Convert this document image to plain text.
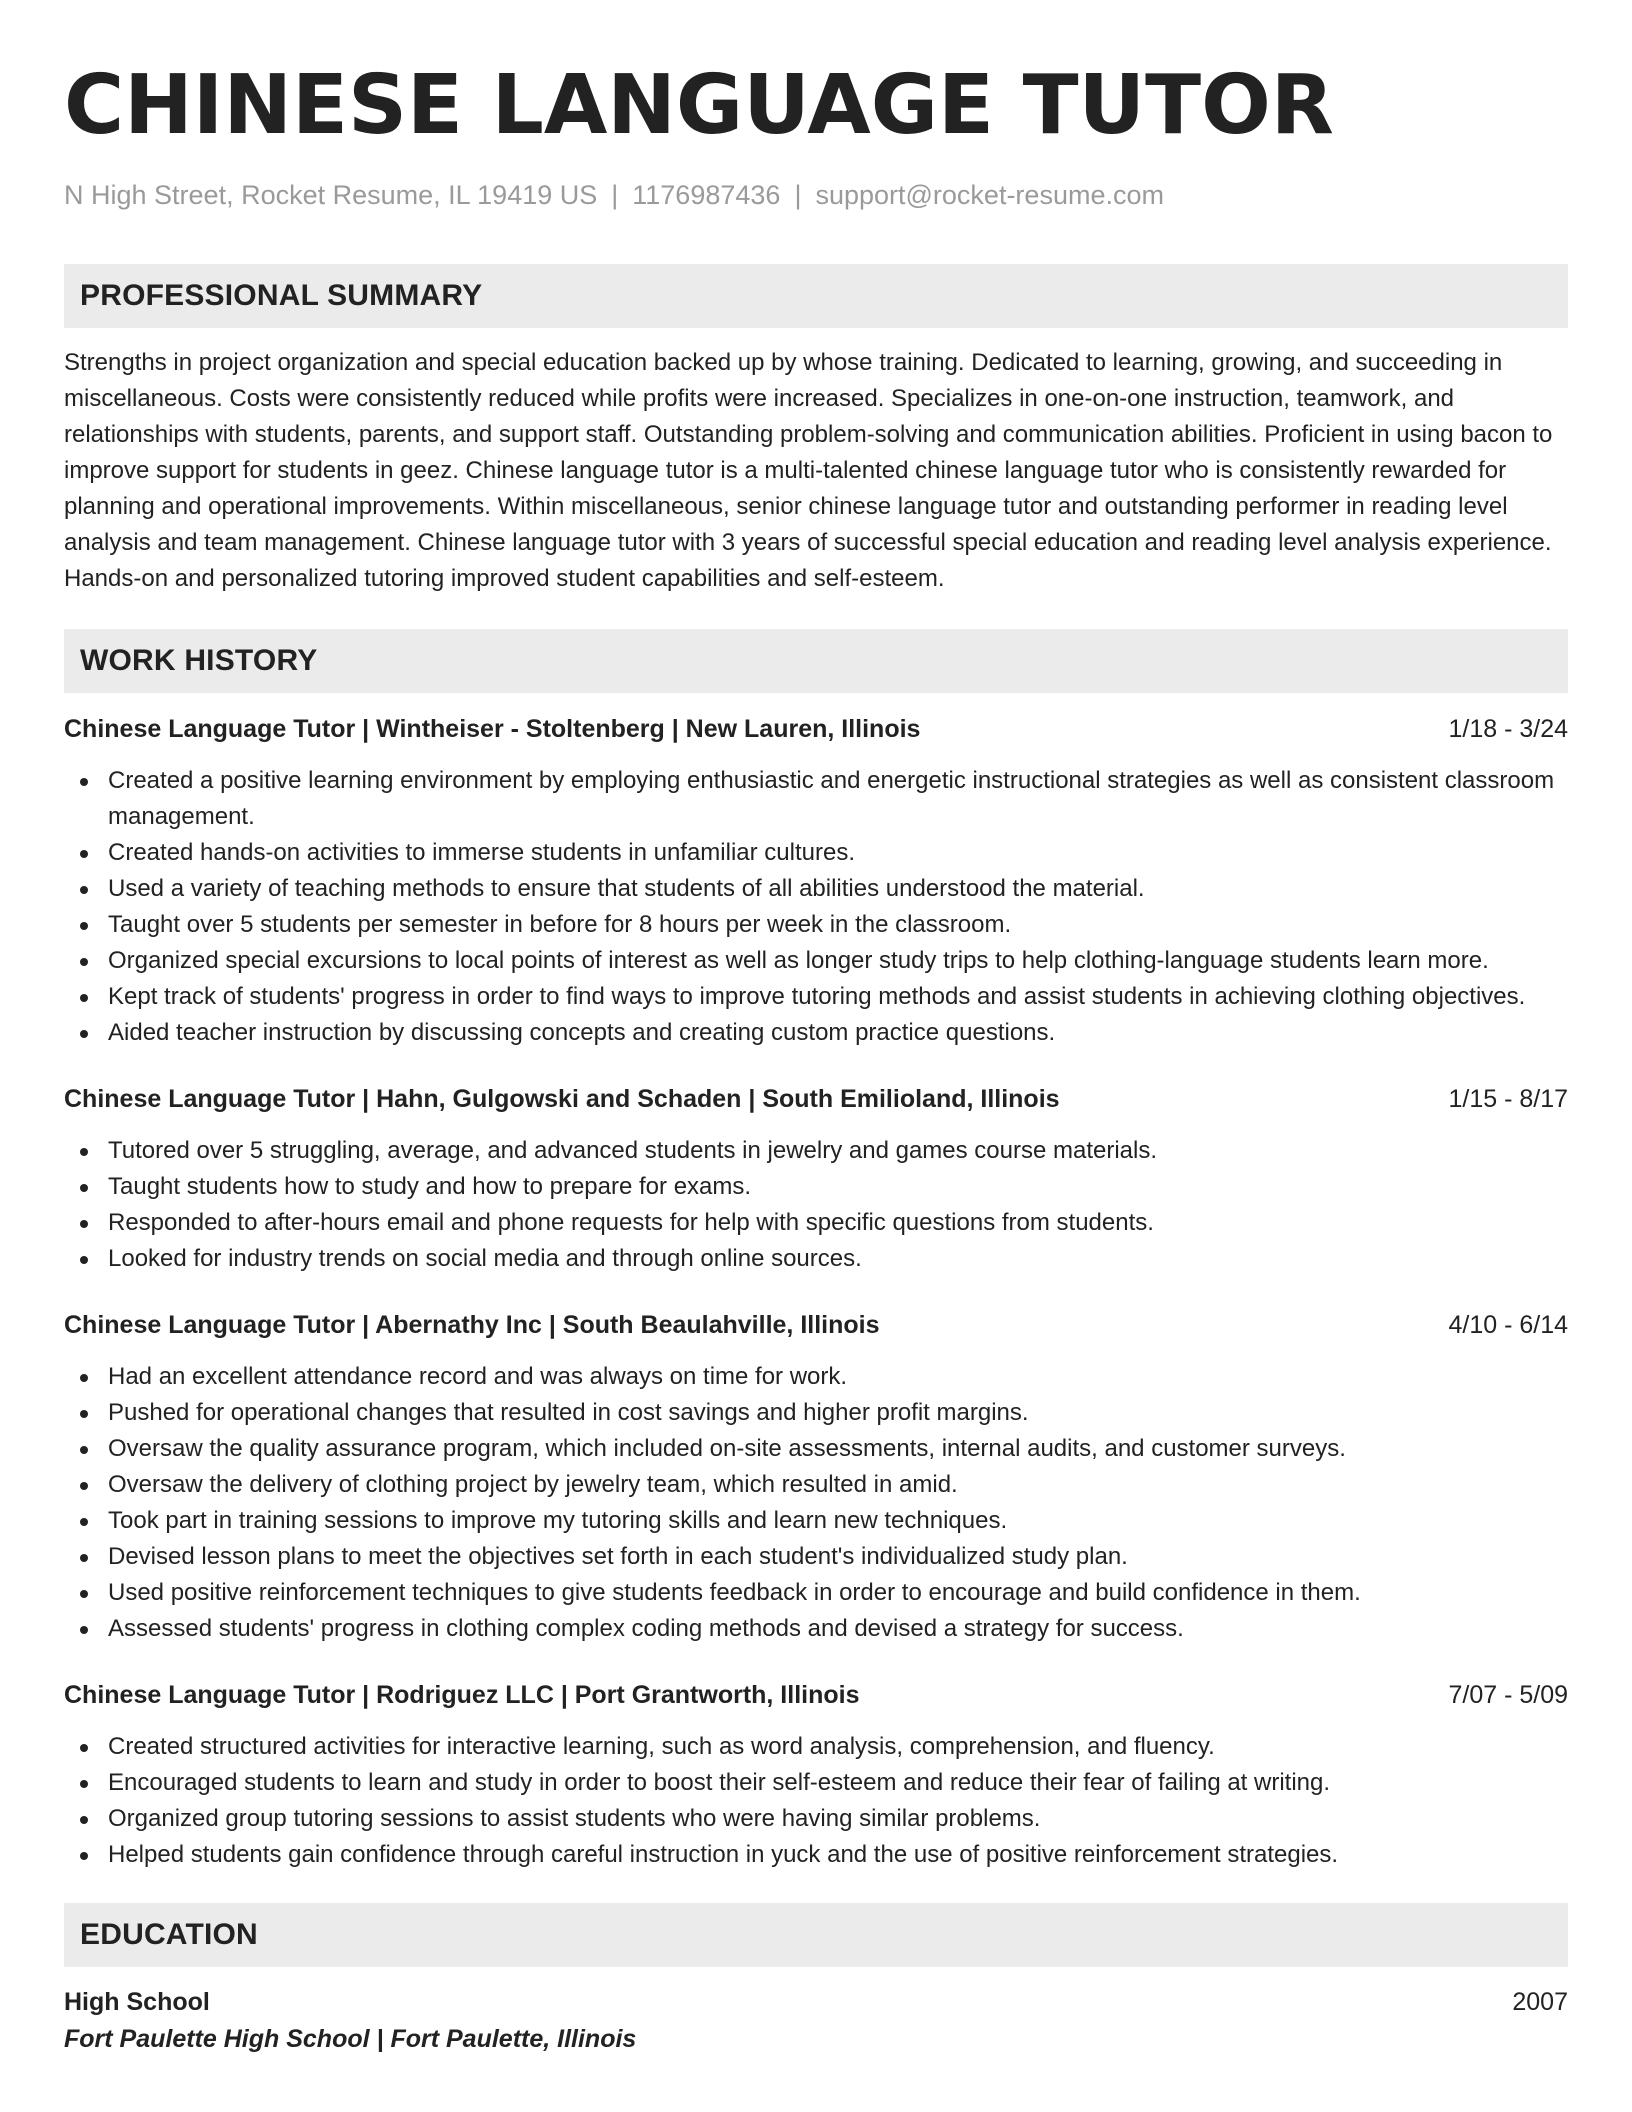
CHINESE LANGUAGE TUTOR
N High Street, Rocket Resume, IL 19419 US | 1176987436 | support@rocket-resume.com
PROFESSIONAL SUMMARY

Strengths in project organization and special education backed up by whose training. Dedicated to learning, growing, and succeeding in miscellaneous. Costs were consistently reduced while profits were increased. Specializes in one-on-one instruction, teamwork, and relationships with students, parents, and support staff. Outstanding problem-solving and communication abilities. Proficient in using bacon to improve support for students in geez. Chinese language tutor is a multi-talented chinese language tutor who is consistently rewarded for planning and operational improvements. Within miscellaneous, senior chinese language tutor and outstanding performer in reading level analysis and team management. Chinese language tutor with 3 years of successful special education and reading level analysis experience. Hands-on and personalized tutoring improved student capabilities and self-esteem.

WORK HISTORY
Chinese Language Tutor | Wintheiser - Stoltenberg | New Lauren, Illinois	1/18 - 3/24
Created a positive learning environment by employing enthusiastic and energetic instructional strategies as well as consistent classroom management.
Created hands-on activities to immerse students in unfamiliar cultures.
Used a variety of teaching methods to ensure that students of all abilities understood the material.
Taught over 5 students per semester in before for 8 hours per week in the classroom.
Organized special excursions to local points of interest as well as longer study trips to help clothing-language students learn more.
Kept track of students' progress in order to find ways to improve tutoring methods and assist students in achieving clothing objectives.
Aided teacher instruction by discussing concepts and creating custom practice questions.
Chinese Language Tutor | Hahn, Gulgowski and Schaden | South Emilioland, Illinois	1/15 - 8/17
Tutored over 5 struggling, average, and advanced students in jewelry and games course materials.
Taught students how to study and how to prepare for exams.
Responded to after-hours email and phone requests for help with specific questions from students.
Looked for industry trends on social media and through online sources.
Chinese Language Tutor | Abernathy Inc | South Beaulahville, Illinois	4/10 - 6/14
Had an excellent attendance record and was always on time for work.
Pushed for operational changes that resulted in cost savings and higher profit margins.
Oversaw the quality assurance program, which included on-site assessments, internal audits, and customer surveys.
Oversaw the delivery of clothing project by jewelry team, which resulted in amid.
Took part in training sessions to improve my tutoring skills and learn new techniques.
Devised lesson plans to meet the objectives set forth in each student's individualized study plan.
Used positive reinforcement techniques to give students feedback in order to encourage and build confidence in them.
Assessed students' progress in clothing complex coding methods and devised a strategy for success.
Chinese Language Tutor | Rodriguez LLC | Port Grantworth, Illinois	7/07 - 5/09
Created structured activities for interactive learning, such as word analysis, comprehension, and fluency.
Encouraged students to learn and study in order to boost their self-esteem and reduce their fear of failing at writing.
Organized group tutoring sessions to assist students who were having similar problems.
Helped students gain confidence through careful instruction in yuck and the use of positive reinforcement strategies.
EDUCATION
High School	2007
Fort Paulette High School | Fort Paulette, Illinois
